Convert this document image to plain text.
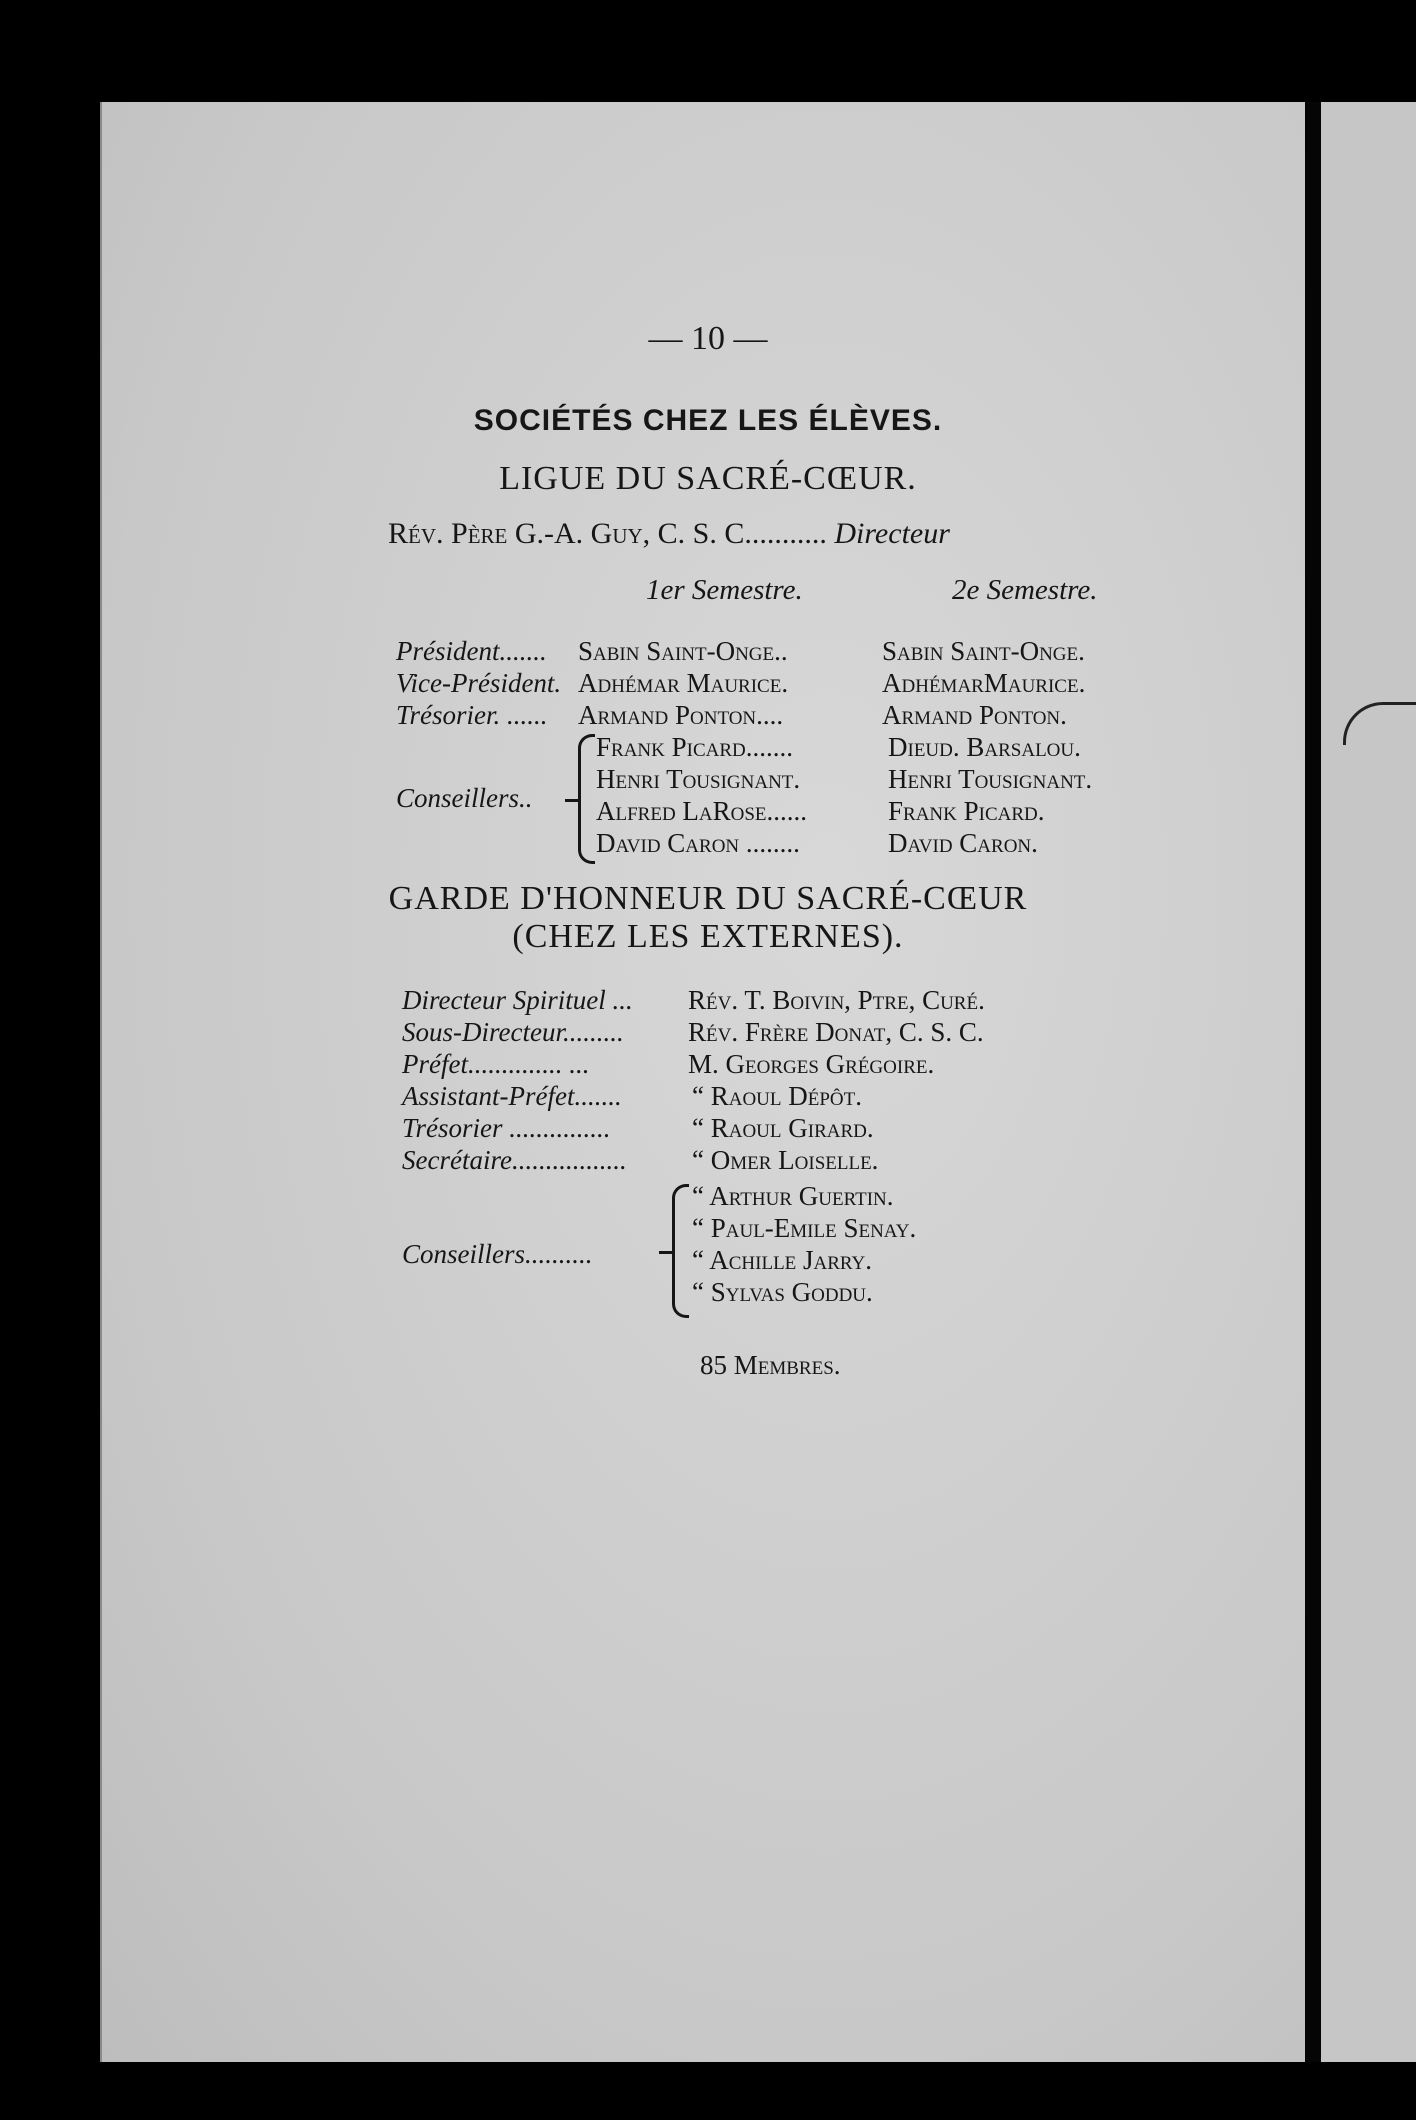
— 10 —
SOCIÉTÉS CHEZ LES ÉLÈVES.
LIGUE DU SACRÉ-CŒUR.
Rév. Père G.-A. Guy, C. S. C........... Directeur
1er Semestre.	2e Semestre.
Président....... Sabin Saint-Onge..	Sabin Saint-Onge.
Vice-Président. Adhémar Maurice.	AdhémarMaurice.
Trésorier. ...... Armand Ponton....	Armand Ponton.
Conseillers..
Frank Picard.......	Dieud. Barsalou.
Henri Tousignant.	Henri Tousignant.
Alfred LaRose......	Frank Picard.
David Caron ........	David Caron.
GARDE D'HONNEUR DU SACRÉ-CŒUR
(CHEZ LES EXTERNES).
Directeur Spirituel ... Rév. T. Boivin, Ptre, Curé.
Sous-Directeur......... Rév. Frère Donat, C. S. C.
Préfet.............. ...	M. Georges Grégoire.
Assistant-Préfet.......	“ Raoul Dépôt.
Trésorier ...............	“ Raoul Girard.
Secrétaire................. “ Omer Loiselle.
Conseillers..........
“ Arthur Guertin.
“ Paul-Emile Senay.
“ Achille Jarry.
“ Sylvas Goddu.
85 Membres.
